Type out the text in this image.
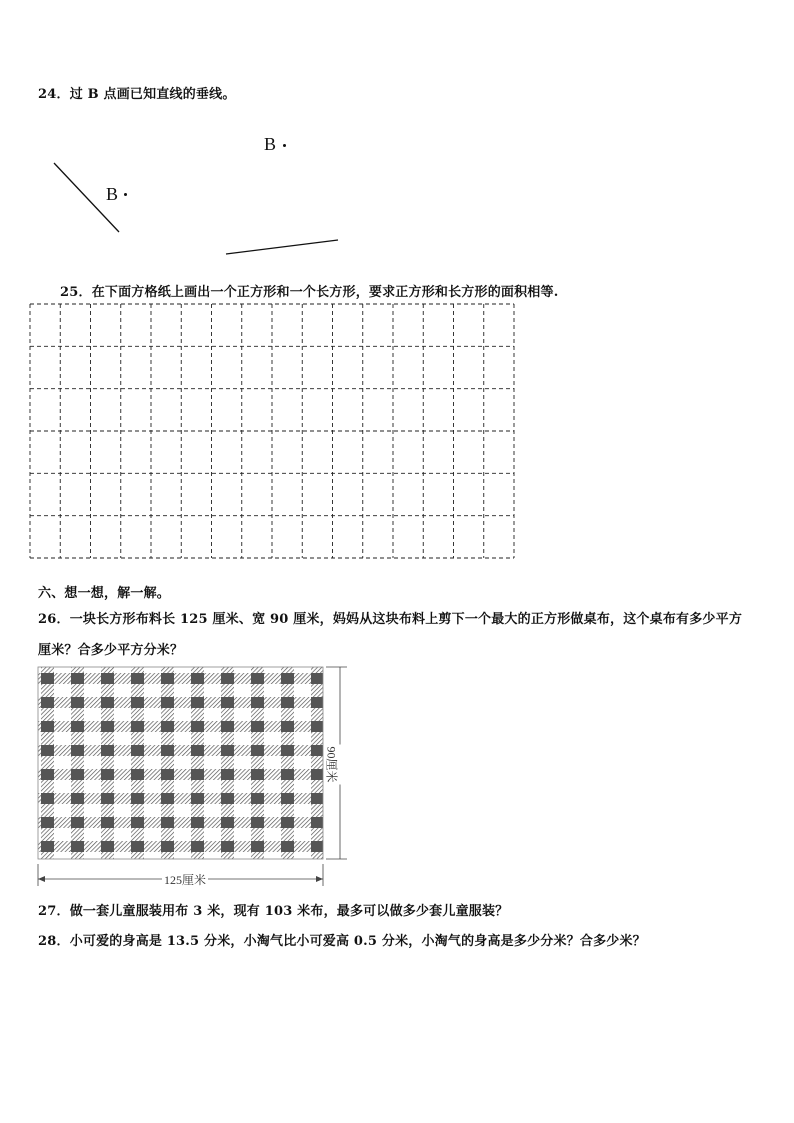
24．过 B 点画已知直线的垂线。
B
B
25．在下面方格纸上画出一个正方形和一个长方形，要求正方形和长方形的面积相等.
六、想一想，解一解。
26．一块长方形布料长 125 厘米、宽 90 厘米，妈妈从这块布料上剪下一个最大的正方形做桌布，这个桌布有多少平方
厘米？合多少平方分米？
125厘米
90厘米
27．做一套儿童服装用布 3 米，现有 103 米布，最多可以做多少套儿童服装？
28．小可爱的身高是 13.5 分米，小淘气比小可爱高 0.5 分米，小淘气的身高是多少分米？合多少米？
